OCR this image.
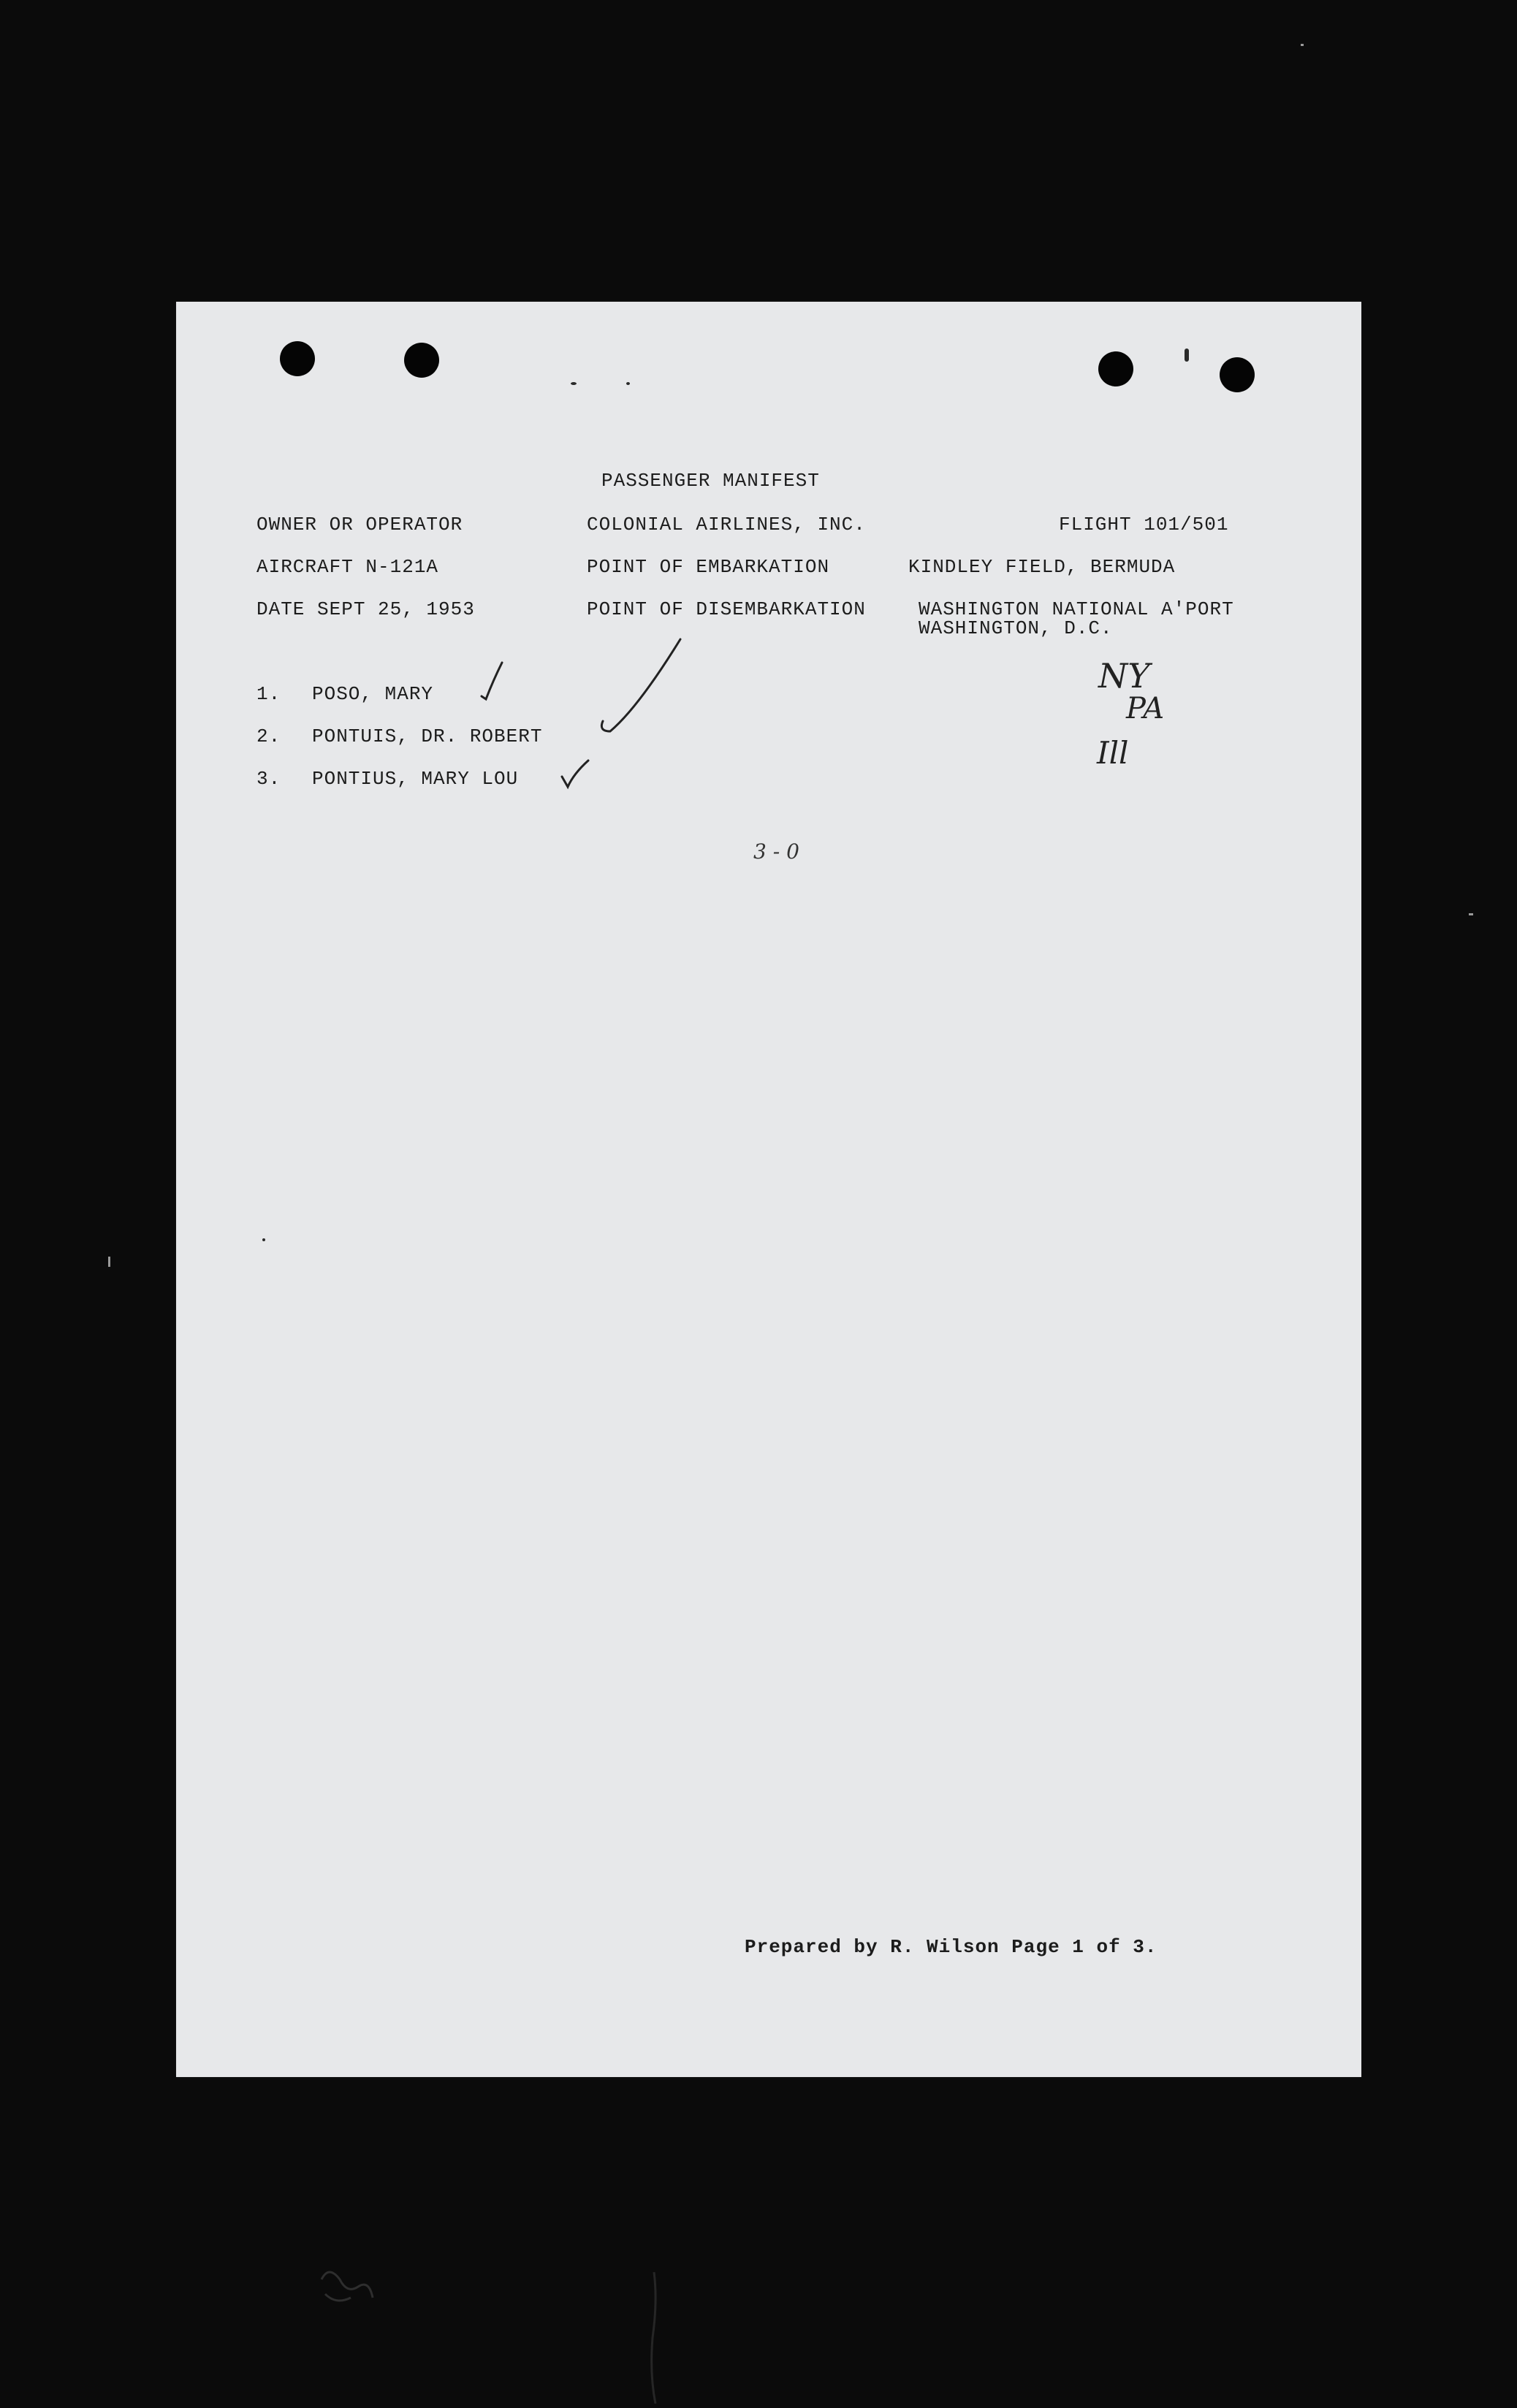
PASSENGER MANIFEST
OWNER OR OPERATOR	COLONIAL AIRLINES, INC.	FLIGHT 101/501
AIRCRAFT N-121A	POINT OF EMBARKATION	KINDLEY FIELD, BERMUDA
DATE SEPT 25, 1953	POINT OF DISEMBARKATION	WASHINGTON NATIONAL A'PORT
WASHINGTON, D.C.
1. POSO, MARY
2. PONTUIS, DR. ROBERT
3. PONTIUS, MARY LOU
3 - 0
NY
PA
Ill
Prepared by R. Wilson Page 1 of 3.
